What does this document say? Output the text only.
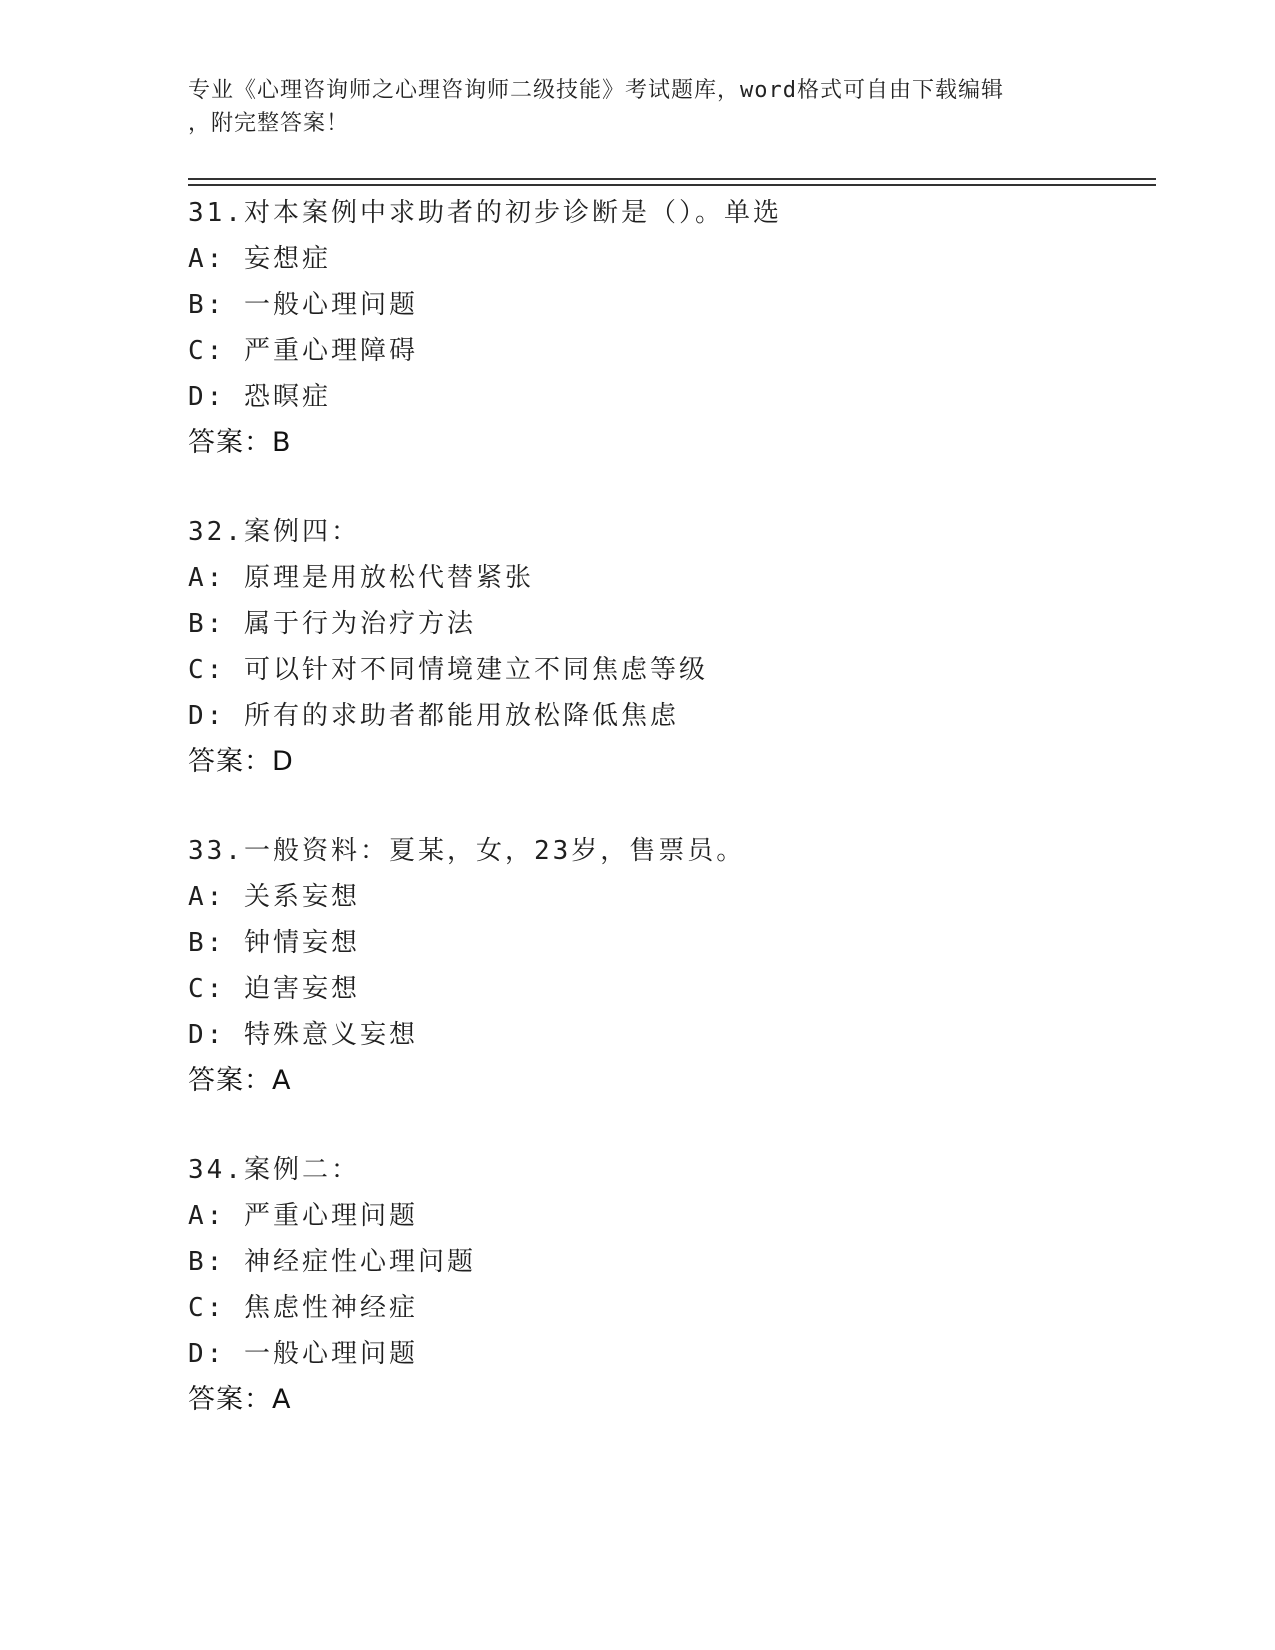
专业《心理咨询师之心理咨询师二级技能》考试题库，word格式可自由下载编辑
，附完整答案！
31.对本案例中求助者的初步诊断是（）。单选
A: 妄想症
B: 一般心理问题
C: 严重心理障碍
D: 恐暝症
答案：B
32.案例四：
A: 原理是用放松代替紧张
B: 属于行为治疗方法
C: 可以针对不同情境建立不同焦虑等级
D: 所有的求助者都能用放松降低焦虑
答案：D
33.一般资料：夏某，女，23岁，售票员。
A: 关系妄想
B: 钟情妄想
C: 迫害妄想
D: 特殊意义妄想
答案：A
34.案例二：
A: 严重心理问题
B: 神经症性心理问题
C: 焦虑性神经症
D: 一般心理问题
答案：A
